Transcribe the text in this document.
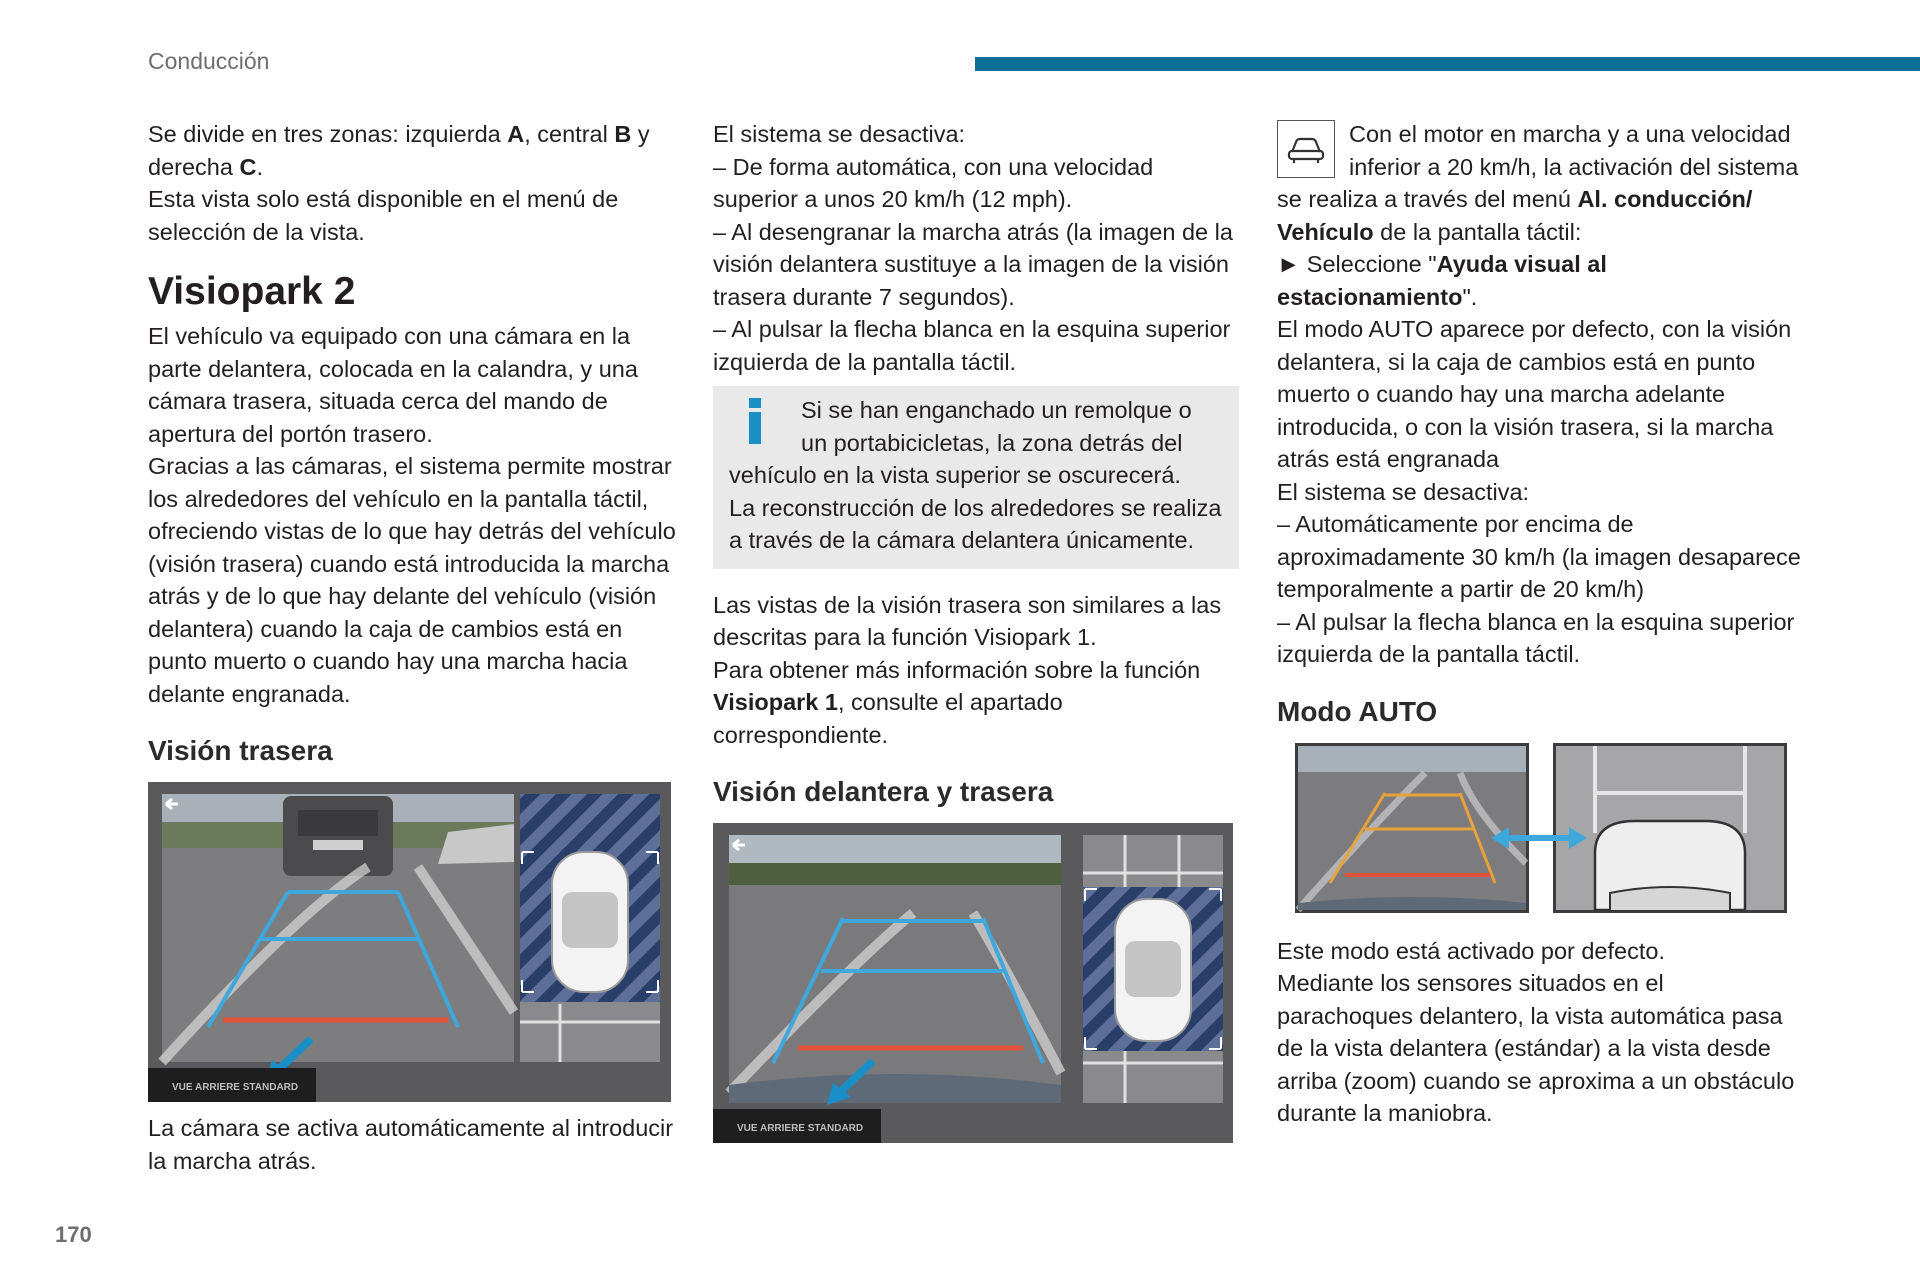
Conducción

Se divide en tres zonas: izquierda A, central B y derecha C.

Esta vista solo está disponible en el menú de selección de la vista.

Visiopark 2

El vehículo va equipado con una cámara en la parte delantera, colocada en la calandra, y una cámara trasera, situada cerca del mando de apertura del portón trasero.

Gracias a las cámaras, el sistema permite mostrar los alrededores del vehículo en la pantalla táctil, ofreciendo vistas de lo que hay detrás del vehículo (visión trasera) cuando está introducida la marcha atrás y de lo que hay delante del vehículo (visión delantera) cuando la caja de cambios está en punto muerto o cuando hay una marcha hacia delante engranada.

Visión trasera
VUE ARRIERE STANDARD

La cámara se activa automáticamente al introducir la marcha atrás.

El sistema se desactiva:

– De forma automática, con una velocidad superior a unos 20 km/h (12 mph).

– Al desengranar la marcha atrás (la imagen de la visión delantera sustituye a la imagen de la visión trasera durante 7 segundos).

– Al pulsar la flecha blanca en la esquina superior izquierda de la pantalla táctil.

Si se han enganchado un remolque o un portabicicletas, la zona detrás del vehículo en la vista superior se oscurecerá.

La reconstrucción de los alrededores se realiza a través de la cámara delantera únicamente.

Las vistas de la visión trasera son similares a las descritas para la función Visiopark 1.

Para obtener más información sobre la función Visiopark 1, consulte el apartado correspondiente.

Visión delantera y trasera
VUE ARRIERE STANDARD

Con el motor en marcha y a una velocidad inferior a 20 km/h, la activación del sistema se realiza a través del menú Al. conducción/ Vehículo de la pantalla táctil:

► Seleccione "Ayuda visual al estacionamiento".

El modo AUTO aparece por defecto, con la visión delantera, si la caja de cambios está en punto muerto o cuando hay una marcha adelante introducida, o con la visión trasera, si la marcha atrás está engranada

El sistema se desactiva:

– Automáticamente por encima de aproximadamente 30 km/h (la imagen desaparece temporalmente a partir de 20 km/h)

– Al pulsar la flecha blanca en la esquina superior izquierda de la pantalla táctil.

Modo AUTO

Este modo está activado por defecto.

Mediante los sensores situados en el parachoques delantero, la vista automática pasa de la vista delantera (estándar) a la vista desde arriba (zoom) cuando se aproxima a un obstáculo durante la maniobra.

170
